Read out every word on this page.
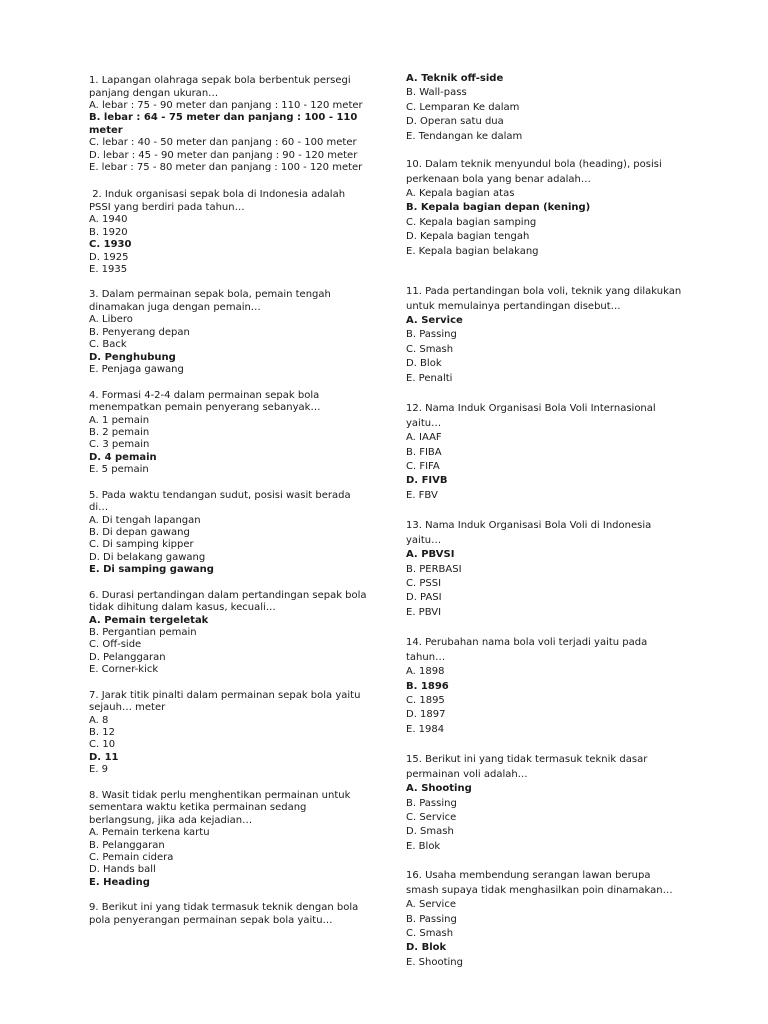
1. Lapangan olahraga sepak bola berbentuk persegi panjang dengan ukuran…
A. lebar : 75 - 90 meter dan panjang : 110 - 120 meter
B. lebar : 64 - 75 meter dan panjang : 100 - 110 meter
C. lebar : 40 - 50 meter dan panjang : 60 - 100 meter
D. lebar : 45 - 90 meter dan panjang : 90 - 120 meter
E. lebar : 75 - 80 meter dan panjang : 100 - 120 meter
2. Induk organisasi sepak bola di Indonesia adalah PSSI yang berdiri pada tahun…
A. 1940
B. 1920
C. 1930
D. 1925
E. 1935
3. Dalam permainan sepak bola, pemain tengah dinamakan juga dengan pemain…
A. Libero
B. Penyerang depan
C. Back
D. Penghubung
E. Penjaga gawang
4. Formasi 4-2-4 dalam permainan sepak bola menempatkan pemain penyerang sebanyak…
A. 1 pemain
B. 2 pemain
C. 3 pemain
D. 4 pemain
E. 5 pemain
5. Pada waktu tendangan sudut, posisi wasit berada di…
A. Di tengah lapangan
B. Di depan gawang
C. Di samping kipper
D. Di belakang gawang
E. Di samping gawang
6. Durasi pertandingan dalam pertandingan sepak bola tidak dihitung dalam kasus, kecuali…
A. Pemain tergeletak
B. Pergantian pemain
C. Off-side
D. Pelanggaran
E. Corner-kick
7. Jarak titik pinalti dalam permainan sepak bola yaitu sejauh… meter
A. 8
B. 12
C. 10
D. 11
E. 9
8. Wasit tidak perlu menghentikan permainan untuk  sementara waktu ketika permainan sedang berlangsung, jika ada kejadian…
A. Pemain terkena kartu
B. Pelanggaran
C. Pemain cidera
D. Hands ball
E. Heading
9. Berikut ini yang tidak termasuk teknik dengan bola pola penyerangan permainan sepak bola yaitu…
A. Teknik off-side
B. Wall-pass
C. Lemparan Ke dalam
D. Operan satu dua
E. Tendangan ke dalam
10. Dalam teknik menyundul bola (heading), posisi perkenaan bola yang benar adalah…
A. Kepala bagian atas
B. Kepala bagian depan (kening)
C. Kepala bagian samping
D. Kepala bagian tengah
E. Kepala bagian belakang
11. Pada pertandingan bola voli, teknik yang dilakukan untuk memulainya pertandingan disebut…
A. Service
B. Passing
C. Smash
D. Blok
E. Penalti
12. Nama Induk Organisasi Bola Voli Internasional yaitu…
A. IAAF
B. FIBA
C. FIFA
D. FIVB
E. FBV
13. Nama Induk Organisasi Bola Voli di Indonesia yaitu…
A. PBVSI
B. PERBASI
C. PSSI
D. PASI
E. PBVI
14. Perubahan nama bola voli terjadi yaitu pada tahun…
A. 1898
B. 1896
C. 1895
D. 1897
E. 1984
15. Berikut ini yang tidak termasuk teknik dasar permainan voli adalah…
A. Shooting
B. Passing
C. Service
D. Smash
E. Blok
16. Usaha membendung serangan lawan berupa smash supaya tidak menghasilkan poin dinamakan…
A. Service
B. Passing
C. Smash
D. Blok
E. Shooting
